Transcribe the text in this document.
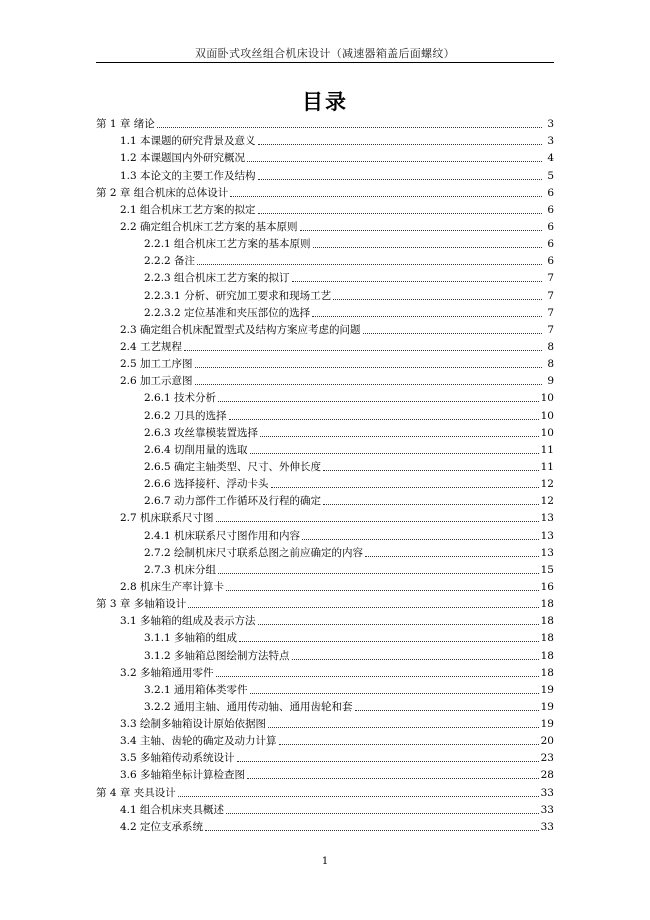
双面卧式攻丝组合机床设计（减速器箱盖后面螺纹）
目录
第 1 章 绪论	3
1.1 本课题的研究背景及意义	3
1.2 本课题国内外研究概况	4
1.3 本论文的主要工作及结构	5
第 2 章 组合机床的总体设计	6
2.1 组合机床工艺方案的拟定	6
2.2 确定组合机床工艺方案的基本原则	6
2.2.1 组合机床工艺方案的基本原则	6
2.2.2 备注	6
2.2.3 组合机床工艺方案的拟订	7
2.2.3.1 分析、研究加工要求和现场工艺	7
2.2.3.2 定位基准和夹压部位的选择	7
2.3 确定组合机床配置型式及结构方案应考虑的问题	7
2.4 工艺规程	8
2.5 加工工序图	8
2.6 加工示意图	9
2.6.1 技术分析	10
2.6.2 刀具的选择	10
2.6.3 攻丝靠模装置选择	10
2.6.4 切削用量的选取	11
2.6.5 确定主轴类型、尺寸、外伸长度	11
2.6.6 选择接杆、浮动卡头	12
2.6.7 动力部件工作循环及行程的确定	12
2.7 机床联系尺寸图	13
2.4.1 机床联系尺寸图作用和内容	13
2.7.2 绘制机床尺寸联系总图之前应确定的内容	13
2.7.3 机床分组	15
2.8 机床生产率计算卡	16
第 3 章 多轴箱设计	18
3.1 多轴箱的组成及表示方法	18
3.1.1 多轴箱的组成	18
3.1.2 多轴箱总图绘制方法特点	18
3.2 多轴箱通用零件	18
3.2.1 通用箱体类零件	19
3.2.2 通用主轴、通用传动轴、通用齿轮和套	19
3.3 绘制多轴箱设计原始依据图	19
3.4 主轴、齿轮的确定及动力计算	20
3.5 多轴箱传动系统设计	23
3.6 多轴箱坐标计算检查图	28
第 4 章 夹具设计	33
4.1 组合机床夹具概述	33
4.2 定位支承系统	33
1
